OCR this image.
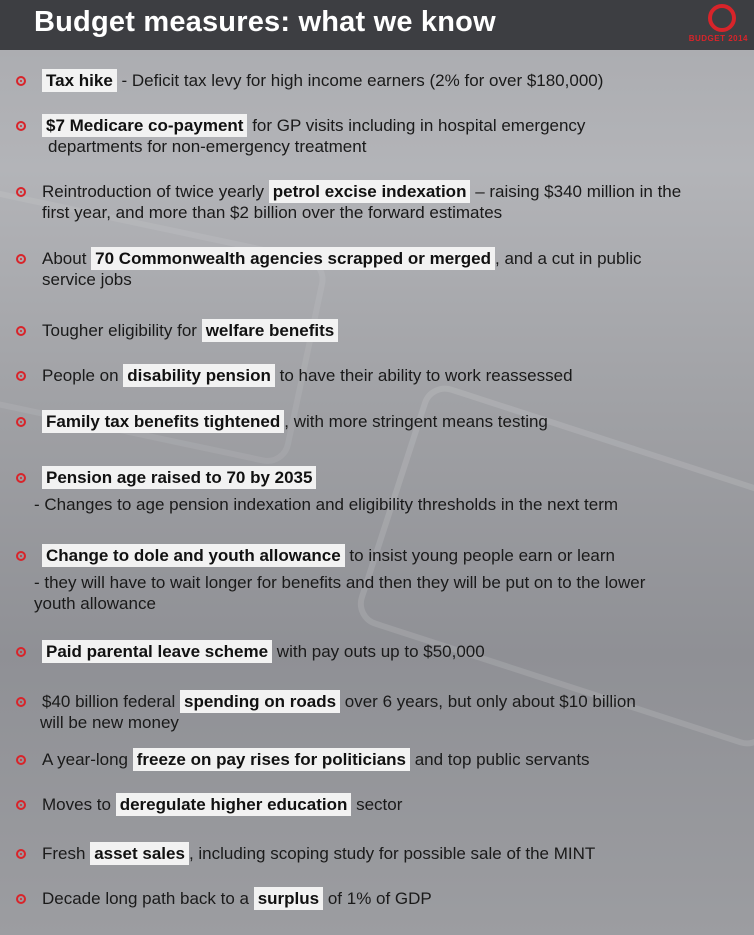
Budget measures: what we know
BUDGET 2014
Tax hike - Deficit tax levy for high income earners (2% for over $180,000)
$7 Medicare co-payment for GP visits including in hospital emergency
departments for non-emergency treatment
Reintroduction of twice yearly petrol excise indexation – raising $340 million in the
first year, and more than $2 billion over the forward estimates
About 70 Commonwealth agencies scrapped or merged , and a cut in public
service jobs
Tougher eligibility for welfare benefits
People on disability pension to have their ability to work reassessed
Family tax benefits tightened , with more stringent means testing
Pension age raised to 70 by 2035
- Changes to age pension indexation and eligibility thresholds in the next term
Change to dole and youth allowance to insist young people earn or learn
- they will have to wait longer for benefits and then they will be put on to the lower
youth allowance
Paid parental leave scheme with pay outs up to $50,000
$40 billion federal spending on roads over 6 years, but only about $10 billion
will be new money
A year-long freeze on pay rises for politicians and top public servants
Moves to deregulate higher education sector
Fresh asset sales , including scoping study for possible sale of the MINT
Decade long path back to a surplus of 1% of GDP
